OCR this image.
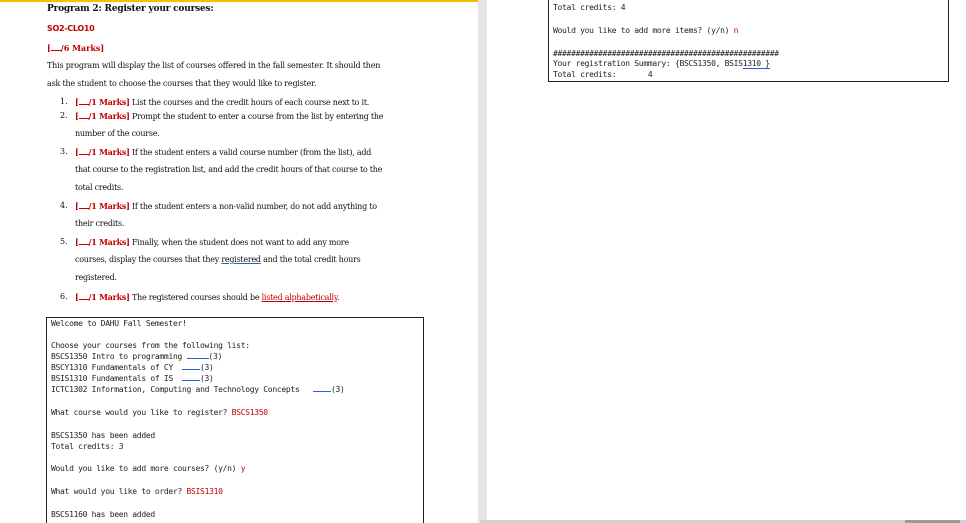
Program 2: Register your courses:
SO2-CLO10
[ /6 Marks]
This program will display the list of courses offered in the fall semester. It should then
ask the student to choose the courses that they would like to register.
1. [ /1 Marks] List the courses and the credit hours of each course next to it.
2. [ /1 Marks] Prompt the student to enter a course from the list by entering the
number of the course.
3. [ /1 Marks] If the student enters a valid course number (from the list), add
that course to the registration list, and add the credit hours of that course to the
total credits.
4. [ /1 Marks] If the student enters a non-valid number, do not add anything to
their credits.
5. [ /1 Marks] Finally, when the student does not want to add any more
courses, display the courses that they registered and the total credit hours
registered.
6. [ /1 Marks] The registered courses should be listed alphabetically.
Welcome to DAHU Fall Semester!
Choose your courses from the following list:
BSCS1350 Intro to programming	(3)
BSCY1310 Fundamentals of CY	(3)
BSIS1310 Fundamentals of IS	(3)
ICTC1302 Information, Computing and Technology Concepts	(3)
What course would you like to register? BSCS1350
BSCS1350 has been added
Total credits: 3
Would you like to add more courses? (y/n) y
What would you like to order? BSIS1310
BSCS1160 has been added
Total credits: 4
Would you like to add more items? (y/n) n
##################################################
Your registration Summary: {BSCS1350, BSIS1310 }
Total credits:	4
